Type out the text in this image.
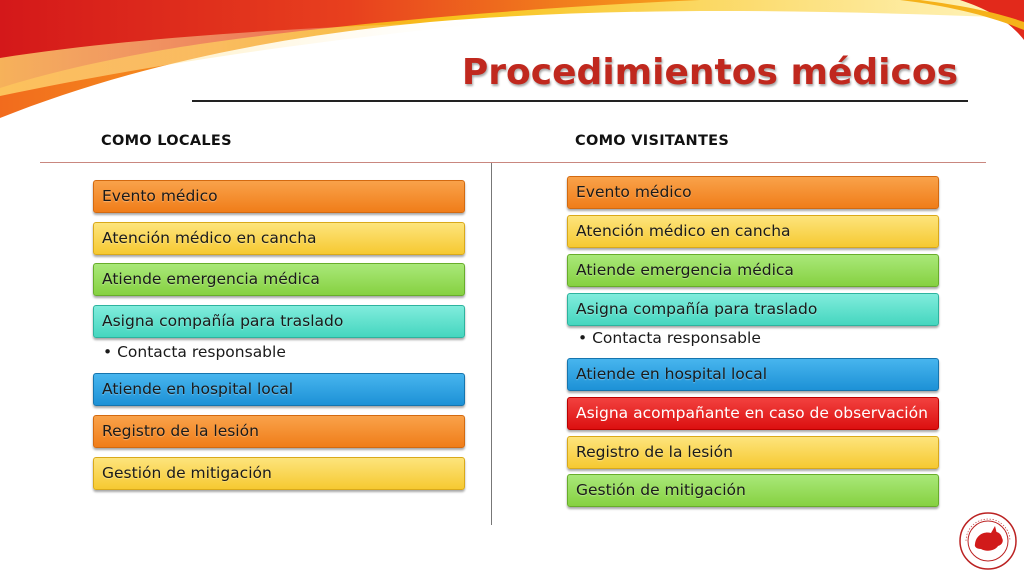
Procedimientos médicos
COMO LOCALES	COMO VISITANTES
Evento médico
Atención médico en cancha
Atiende emergencia médica
Asigna compañía para traslado
• Contacta responsable
Atiende en hospital local
Registro de la lesión
Gestión de mitigación
Evento médico
Atención médico en cancha
Atiende emergencia médica
Asigna compañía para traslado
• Contacta responsable
Atiende en hospital local
Asigna acompañante en caso de observación
Registro de la lesión
Gestión de mitigación
